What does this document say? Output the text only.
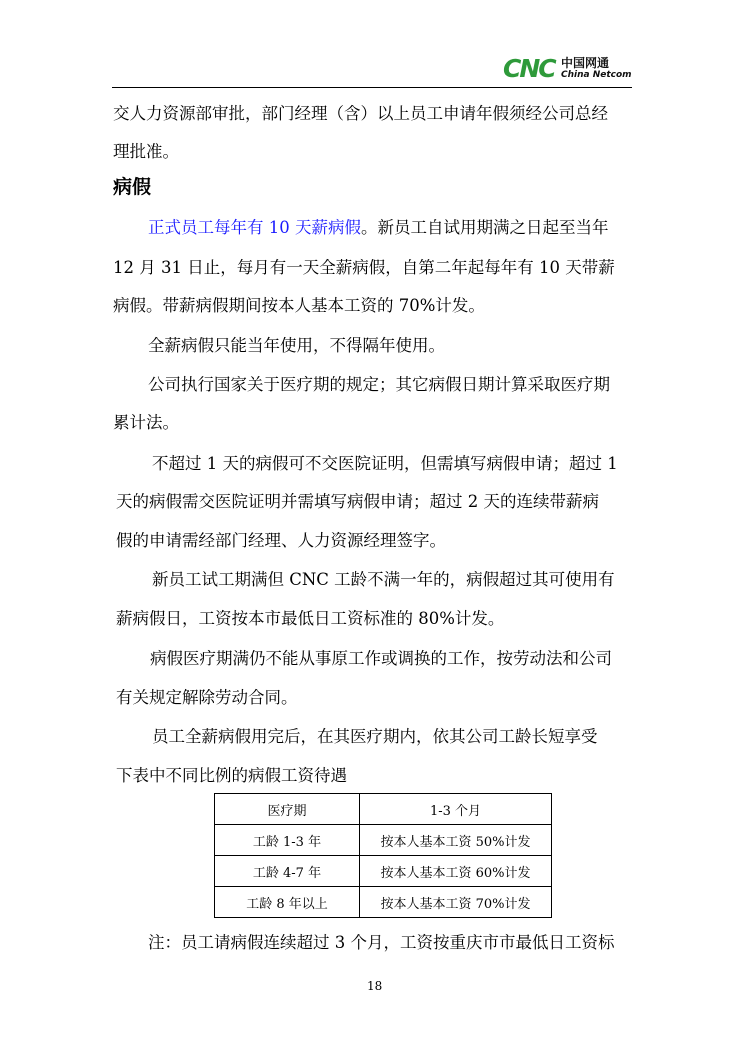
CNC 中国网通
China Netcom
交人力资源部审批，部门经理（含）以上员工申请年假须经公司总经
理批准。
病假
正式员工每年有 10 天薪病假。新员工自试用期满之日起至当年
12 月 31 日止，每月有一天全薪病假，自第二年起每年有 10 天带薪
病假。带薪病假期间按本人基本工资的 70%计发。
全薪病假只能当年使用，不得隔年使用。
公司执行国家关于医疗期的规定；其它病假日期计算采取医疗期
累计法。
不超过 1 天的病假可不交医院证明，但需填写病假申请；超过 1
天的病假需交医院证明并需填写病假申请；超过 2 天的连续带薪病
假的申请需经部门经理、人力资源经理签字。
新员工试工期满但 CNC 工龄不满一年的，病假超过其可使用有
薪病假日，工资按本市最低日工资标准的 80%计发。
病假医疗期满仍不能从事原工作或调换的工作，按劳动法和公司
有关规定解除劳动合同。
员工全薪病假用完后，在其医疗期内，依其公司工龄长短享受
下表中不同比例的病假工资待遇
医疗期	1-3 个月
工龄 1-3 年	按本人基本工资 50%计发
工龄 4-7 年	按本人基本工资 60%计发
工龄 8 年以上	按本人基本工资 70%计发
注：员工请病假连续超过 3 个月，工资按重庆市市最低日工资标
18
